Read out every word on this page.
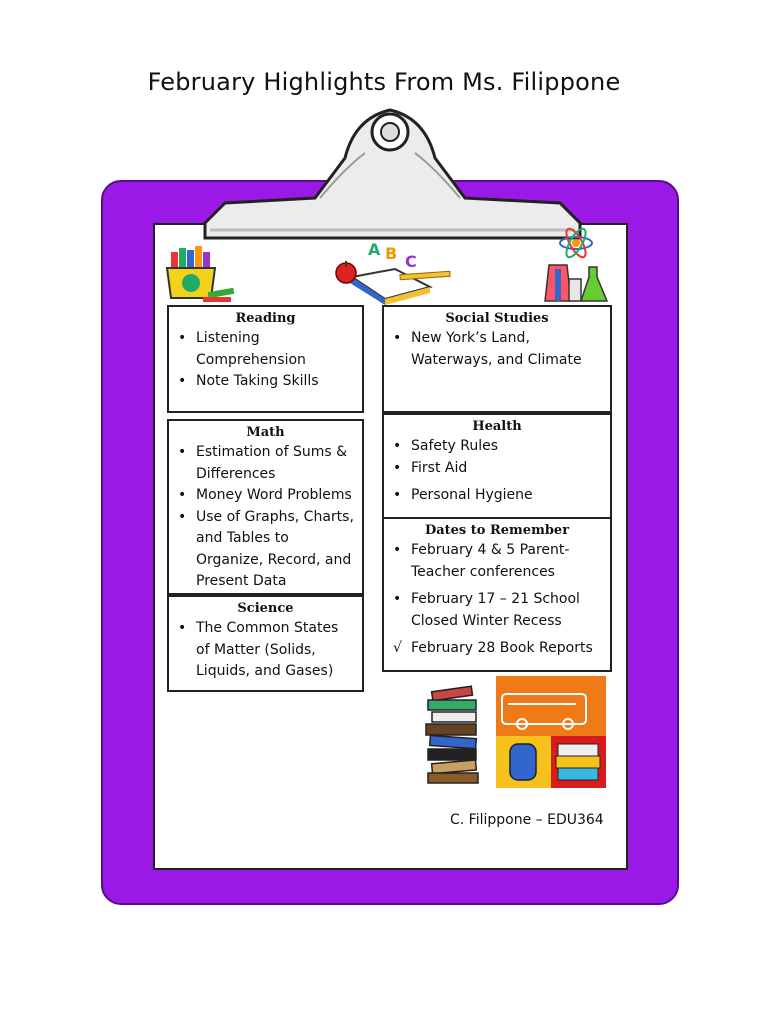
February Highlights From Ms. Filippone
A B C
Reading
• Listening Comprehension
• Note Taking Skills
Social Studies
• New York’s Land, Waterways, and Climate
Math
• Estimation of Sums & Differences
• Money Word Problems
• Use of Graphs, Charts, and Tables to Organize, Record, and Present Data
Health
• Safety Rules
• First Aid
• Personal Hygiene
Science
• The Common States of Matter (Solids, Liquids, and Gases)
Dates to Remember
• February 4 & 5 Parent-Teacher conferences
• February 17 – 21 School Closed Winter Recess
√ February 28 Book Reports
C. Filippone – EDU364
